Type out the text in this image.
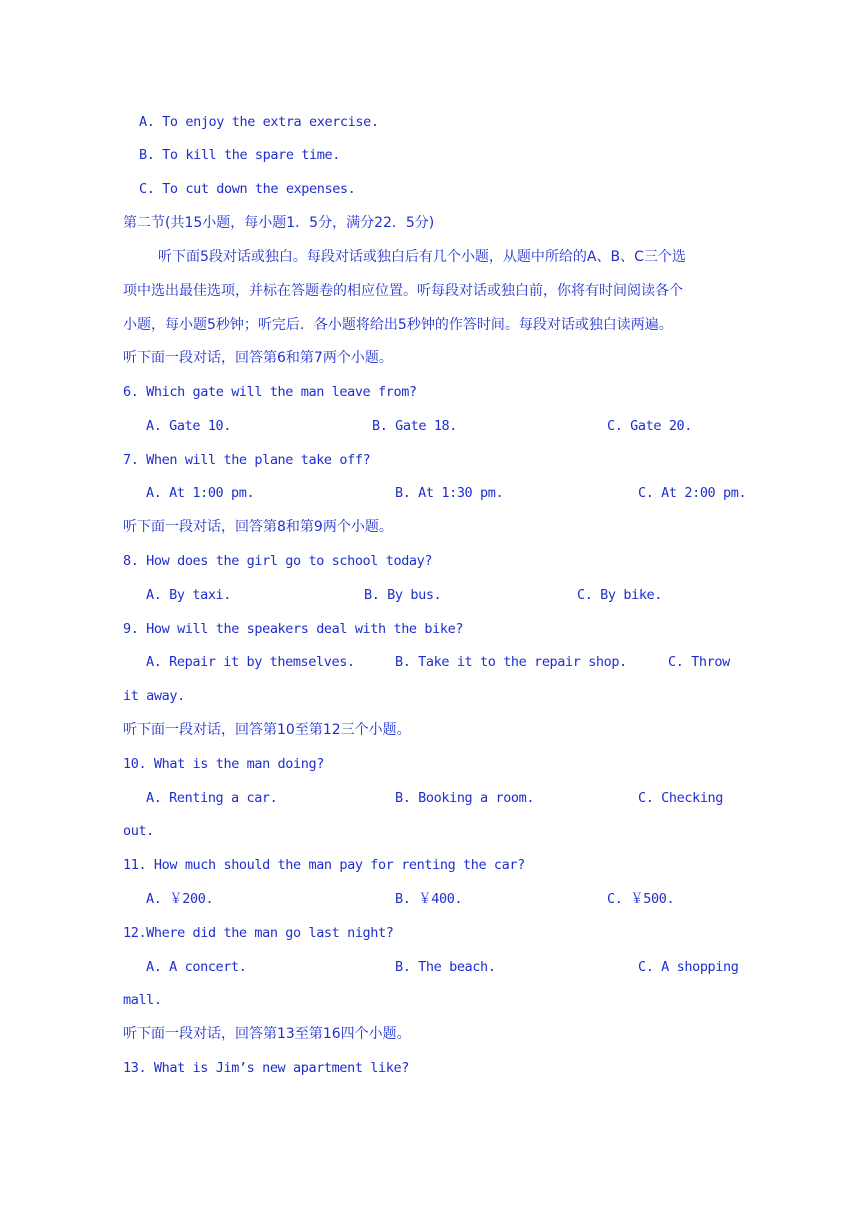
A. To enjoy the extra exercise.
B. To kill the spare time.
C. To cut down the expenses.
第二节(共15小题，每小题1．5分，满分22．5分)
听下面5段对话或独白。每段对话或独白后有几个小题，从题中所给的A、B、C三个选
项中选出最佳选项，并标在答题卷的相应位置。听每段对话或独白前，你将有时间阅读各个
小题，每小题5秒钟；听完后．各小题将给出5秒钟的作答时间。每段对话或独白读两遍。
听下面一段对话，回答第6和第7两个小题。
6. Which gate will the man leave from?
A. Gate 10.	B. Gate 18.	C. Gate 20.
7. When will the plane take off?
A. At 1:00 pm.	B. At 1:30 pm.	C. At 2:00 pm.
听下面一段对话，回答第8和第9两个小题。
8. How does the girl go to school today?
A. By taxi.	B. By bus.	C. By bike.
9. How will the speakers deal with the bike?
A. Repair it by themselves.	B. Take it to the repair shop.	C. Throw
it away.
听下面一段对话，回答第10至第12三个小题。
10. What is the man doing?
A. Renting a car.	B. Booking a room.	C. Checking
out.
11. How much should the man pay for renting the car?
A. ￥200.	B. ￥400.	C. ￥500.
12.Where did the man go last night?
A. A concert.	B. The beach.	C. A shopping
mall.
听下面一段对话，回答第13至第16四个小题。
13. What is Jim’s new apartment like?
